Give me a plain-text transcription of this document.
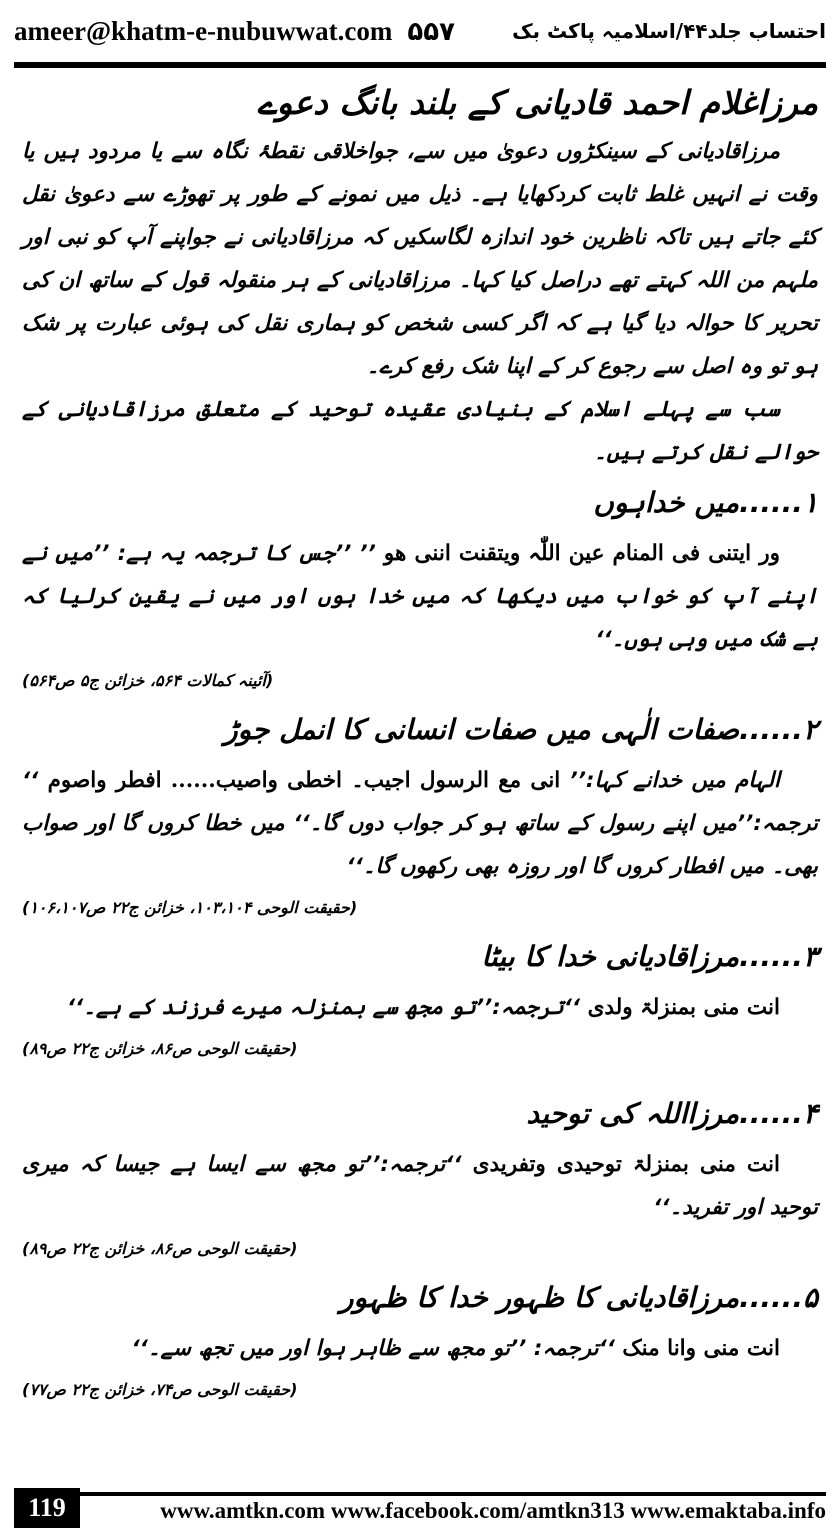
ameer@khatm-e-nubuwwat.com ۵۵۷	احتساب جلد۴۴/اسلامیہ پاکٹ بک
مرزاغلام احمد قادیانی کے بلند بانگ دعوے

مرزاقادیانی کے سینکڑوں دعویٰ میں سے، جواخلاقی نقطۂ نگاہ سے یا مردود ہیں یا وقت نے انہیں غلط ثابت کردکھایا ہے۔ ذیل میں نمونے کے طور پر تھوڑے سے دعویٰ نقل کئے جاتے ہیں تاکہ ناظرین خود اندازہ لگاسکیں کہ مرزاقادیانی نے جواپنے آپ کو نبی اور ملہم من اللہ کہتے تھے دراصل کیا کہا۔ مرزاقادیانی کے ہر منقولہ قول کے ساتھ ان کی تحریر کا حوالہ دیا گیا ہے کہ اگر کسی شخص کو ہماری نقل کی ہوئی عبارت پر شک ہو تو وہ اصل سے رجوع کر کے اپنا شک رفع کرے۔

سب سے پہلے اسلام کے بنیادی عقیدہ توحید کے متعلق مرزاقادیانی کے حوالے نقل کرتے ہیں۔

۱......میں خداہوں

ور ایتنی فی المنام عین اللّٰہ ویتقنت اننی ھو ’’ ’’جس کا ترجمہ یہ ہے: ’’میں نے اپنے آپ کو خواب میں دیکھا کہ میں خدا ہوں اور میں نے یقین کرلیا کہ بے شک میں وہی ہوں۔‘‘

(آئینہ کمالات ۵۶۴، خزائن ج۵ ص۵۶۴)
۲......صفات الٰہی میں صفات انسانی کا انمل جوڑ

الہام میں خدانے کہا:’’ انی مع الرسول اجیب۔ اخطی واصیب...... افطر واصوم ‘‘ ترجمہ:’’میں اپنے رسول کے ساتھ ہو کر جواب دوں گا۔‘‘ میں خطا کروں گا اور صواب بھی۔ میں افطار کروں گا اور روزہ بھی رکھوں گا۔‘‘

(حقیقت الوحی ۱۰۳،۱۰۴، خزائن ج۲۲ ص۱۰۶،۱۰۷)
۳......مرزاقادیانی خدا کا بیٹا

انت منی بمنزلۃ ولدی ‘‘ترجمہ:’’تو مجھ سے بمنزلہ میرے فرزند کے ہے۔‘‘

(حقیقت الوحی ص۸۶، خزائن ج۲۲ ص۸۹)
۴......مرزااللہ کی توحید

انت منی بمنزلۃ توحیدی وتفریدی ‘‘ترجمہ:’’تو مجھ سے ایسا ہے جیسا کہ میری توحید اور تفرید۔‘‘

(حقیقت الوحی ص۸۶، خزائن ج۲۲ ص۸۹)
۵......مرزاقادیانی کا ظہور خدا کا ظہور

انت منی وانا منک ‘‘ترجمہ: ’’تو مجھ سے ظاہر ہوا اور میں تجھ سے۔‘‘

(حقیقت الوحی ص۷۴، خزائن ج۲۲ ص۷۷)
119	www.amtkn.com www.facebook.com/amtkn313 www.emaktaba.info
